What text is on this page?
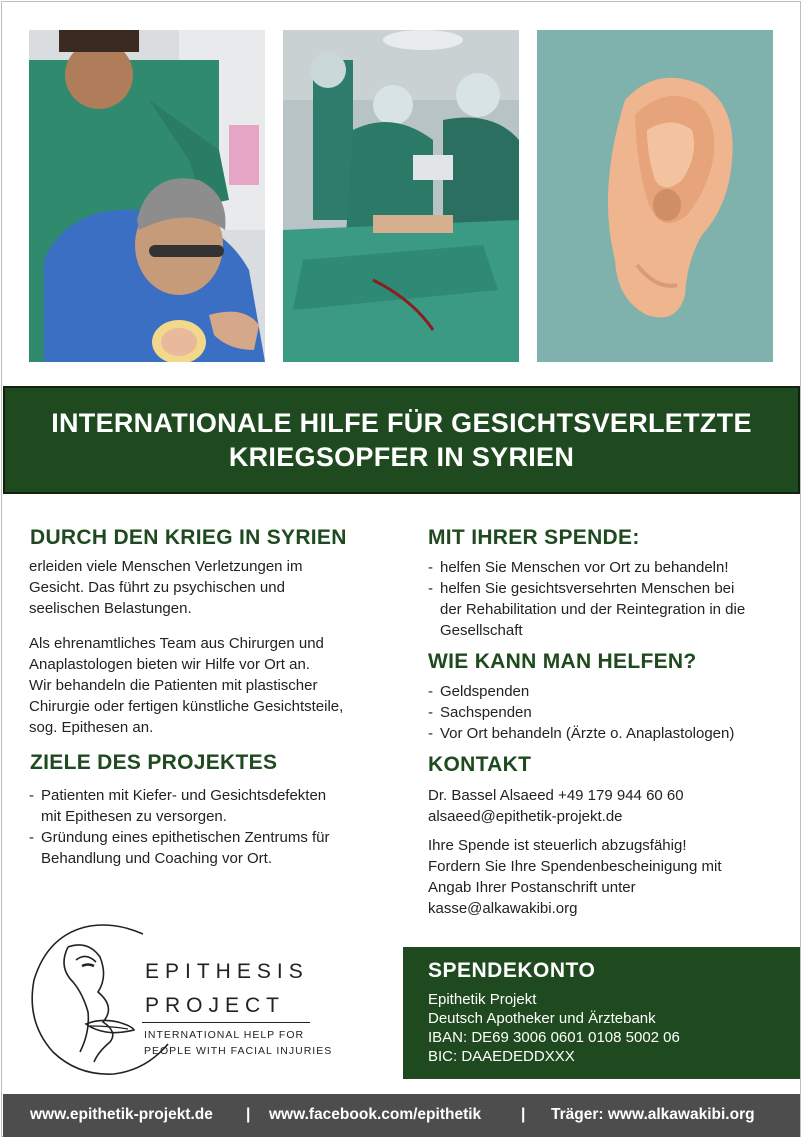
INTERNATIONALE HILFE FÜR GESICHTSVERLETZTE
KRIEGSOPFER IN SYRIEN
DURCH DEN KRIEG IN SYRIEN
erleiden viele Menschen Verletzungen im
Gesicht. Das führt zu psychischen und
seelischen Belastungen.
Als ehrenamtliches Team aus Chirurgen und
Anaplastologen bieten wir Hilfe vor Ort an.
Wir behandeln die Patienten mit plastischer
Chirurgie oder fertigen künstliche Gesichtsteile,
sog. Epithesen an.
ZIELE DES PROJEKTES
- Patienten mit Kiefer- und Gesichtsdefekten
mit Epithesen zu versorgen.
- Gründung eines epithetischen Zentrums für
Behandlung und Coaching vor Ort.
MIT IHRER SPENDE:
- helfen Sie Menschen vor Ort zu behandeln!
- helfen Sie gesichtsversehrten Menschen bei
der Rehabilitation und der Reintegration in die
Gesellschaft
WIE KANN MAN HELFEN?
- Geldspenden
- Sachspenden
- Vor Ort behandeln (Ärzte o. Anaplastologen)
KONTAKT
Dr. Bassel Alsaeed +49 179 944 60 60
alsaeed@epithetik-projekt.de
Ihre Spende ist steuerlich abzugsfähig!
Fordern Sie Ihre Spendenbescheinigung mit
Angab Ihrer Postanschrift unter
kasse@alkawakibi.org
EPITHESIS
PROJECT
INTERNATIONAL HELP FOR
PEOPLE WITH FACIAL INJURIES
SPENDEKONTO
Epithetik Projekt
Deutsch Apotheker und Ärztebank
IBAN: DE69 3006 0601 0108 5002 06
BIC: DAAEDEDDXXX
www.epithetik-projekt.de | www.facebook.com/epithetik	| Träger: www.alkawakibi.org
